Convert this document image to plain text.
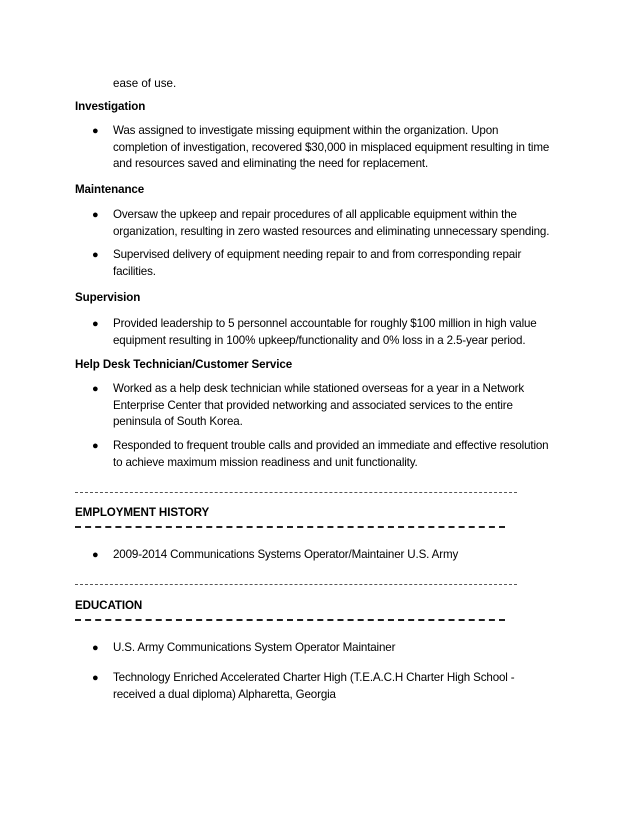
ease of use.
Investigation
●	Was assigned to investigate missing equipment within the organization. Upon
completion of investigation, recovered $30,000 in misplaced equipment resulting in time
and resources saved and eliminating the need for replacement.
Maintenance
●	Oversaw the upkeep and repair procedures of all applicable equipment within the
organization, resulting in zero wasted resources and eliminating unnecessary spending.
●	Supervised delivery of equipment needing repair to and from corresponding repair
facilities.
Supervision
●	Provided leadership to 5 personnel accountable for roughly $100 million in high value
equipment resulting in 100% upkeep/functionality and 0% loss in a 2.5-year period.
Help Desk Technician/Customer Service
●	Worked as a help desk technician while stationed overseas for a year in a Network
Enterprise Center that provided networking and associated services to the entire
peninsula of South Korea.
●	Responded to frequent trouble calls and provided an immediate and effective resolution
to achieve maximum mission readiness and unit functionality.
EMPLOYMENT HISTORY
●	2009-2014 Communications Systems Operator/Maintainer U.S. Army
EDUCATION
●	U.S. Army Communications System Operator Maintainer
●	Technology Enriched Accelerated Charter High (T.E.A.C.H Charter High School -
received a dual diploma) Alpharetta, Georgia
